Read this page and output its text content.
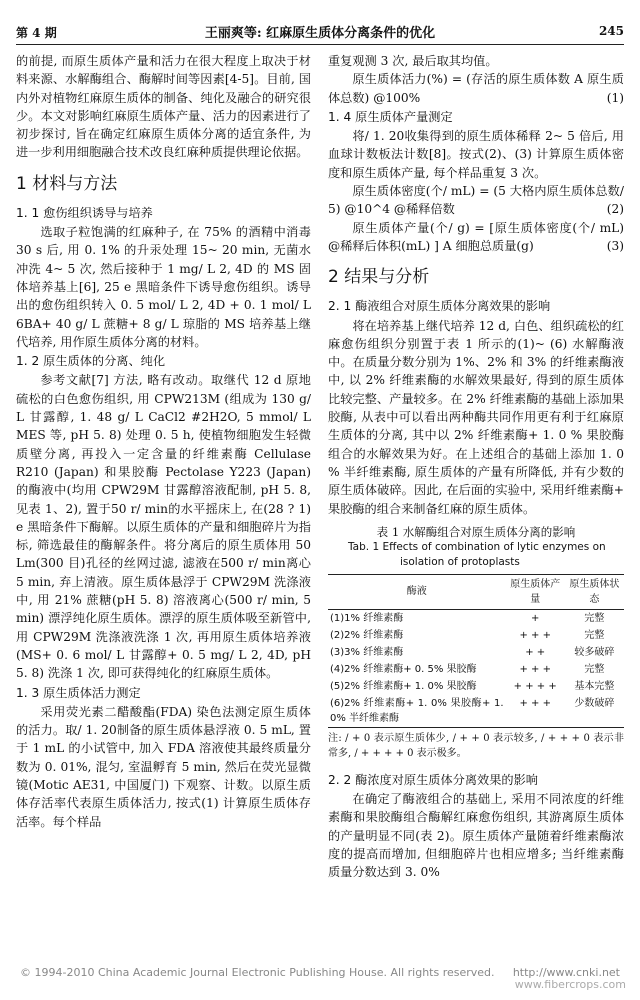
第 4 期	王丽爽等: 红麻原生质体分离条件的优化	245

的前提, 而原生质体产量和活力在很大程度上取决于材料来源、水解酶组合、酶解时间等因素[4-5]。目前, 国内外对植物红麻原生质体的制备、纯化及融合的研究很少。本文对影响红麻原生质体产量、活力的因素进行了初步探讨, 旨在确定红麻原生质体分离的适宜条件, 为进一步利用细胞融合技术改良红麻种质提供理论依据。

1 材料与方法

1. 1 愈伤组织诱导与培养

选取子粒饱满的红麻种子, 在 75% 的酒精中消毒 30 s 后, 用 0. 1% 的升汞处理 15~ 20 min, 无菌水冲洗 4~ 5 次, 然后接种于 1 mg/ L 2, 4D 的 MS 固体培养基上[6], 25 e 黑暗条件下诱导愈伤组织。诱导出的愈伤组织转入 0. 5 mol/ L 2, 4D + 0. 1 mol/ L 6BA+ 40 g/ L 蔗糖+ 8 g/ L 琼脂的 MS 培养基上继代培养, 用作原生质体分离的材料。

1. 2 原生质体的分离、纯化

参考文献[7] 方法, 略有改动。取继代 12 d 原地硫松的白色愈伤组织, 用 CPW213M (组成为 130 g/ L 甘露醇, 1. 48 g/ L CaCl2 #2H2O, 5 mmol/ L MES 等, pH 5. 8) 处理 0. 5 h, 使植物细胞发生轻微质壁分离, 再投入一定含量的纤维素酶 Cellulase R210 (Japan) 和果胶酶 Pectolase Y223 (Japan) 的酶液中(均用 CPW29M 甘露醇溶液配制, pH 5. 8, 见表 1、2), 置于50 r/ min的水平摇床上, 在(28 ? 1) e 黑暗条件下酶解。以原生质体的产量和细胞碎片为指标, 筛选最佳的酶解条件。将分离后的原生质体用 50 Lm(300 目)孔径的丝网过滤, 滤液在500 r/ min离心 5 min, 弃上清液。原生质体悬浮于 CPW29M 洗涤液中, 用 21% 蔗糖(pH 5. 8) 溶液离心(500 r/ min, 5 min) 漂浮纯化原生质体。漂浮的原生质体吸至新管中, 用 CPW29M 洗涤液洗涤 1 次, 再用原生质体培养液(MS+ 0. 6 mol/ L 甘露醇+ 0. 5 mg/ L 2, 4D, pH 5. 8) 洗涤 1 次, 即可获得纯化的红麻原生质体。

1. 3 原生质体活力测定

采用荧光素二醋酸酯(FDA) 染色法测定原生质体的活力。取/ 1. 20制备的原生质体悬浮液 0. 5 mL, 置于 1 mL 的小试管中, 加入 FDA 溶液使其最终质量分数为 0. 01%, 混匀, 室温孵育 5 min, 然后在荧光显微镜(Motic AE31, 中国厦门) 下观察、计数。以原生质体存活率代表原生质体活力, 按式(1) 计算原生质体存活率。每个样品

重复观测 3 次, 最后取其均值。

原生质体活力(%) = (存活的原生质体数 A 原生质体总数) @100%	(1)

1. 4 原生质体产量测定

将/ 1. 20收集得到的原生质体稀释 2~ 5 倍后, 用血球计数板法计数[8]。按式(2)、(3) 计算原生质体密度和原生质体产量, 每个样品重复 3 次。

原生质体密度(个/ mL) = (5 大格内原生质体总数/ 5) @10^4 @稀释倍数	(2)

原生质体产量(个/ g) = [原生质体密度(个/ mL) @稀释后体积(mL) ] A 细胞总质量(g)	(3)

2 结果与分析

2. 1 酶液组合对原生质体分离效果的影响

将在培养基上继代培养 12 d, 白色、组织疏松的红麻愈伤组织分别置于表 1 所示的(1)~ (6) 水解酶液中。在质量分数分别为 1%、2% 和 3% 的纤维素酶液中, 以 2% 纤维素酶的水解效果最好, 得到的原生质体比较完整、产量较多。在 2% 纤维素酶的基础上添加果胶酶, 从表中可以看出两种酶共同作用更有利于红麻原生质体的分离, 其中以 2% 纤维素酶+ 1. 0 % 果胶酶组合的水解效果为好。在上述组合的基础上添加 1. 0 % 半纤维素酶, 原生质体的产量有所降低, 并有少数的原生质体破碎。因此, 在后面的实验中, 采用纤维素酶+ 果胶酶的组合来制备红麻的原生质体。

表 1 水解酶组合对原生质体分离的影响
Tab. 1 Effects of combination of lytic enzymes on
isolation of protoplasts
酶液	原生质体产量	原生质体状态
(1)1% 纤维素酶	+	完整
(2)2% 纤维素酶	+ + +	完整
(3)3% 纤维素酶	+ +	较多破碎
(4)2% 纤维素酶+ 0. 5% 果胶酶	+ + +	完整
(5)2% 纤维素酶+ 1. 0% 果胶酶	+ + + +	基本完整
(6)2% 纤维素酶+ 1. 0% 果胶酶+ 1. 0% 半纤维素酶	+ + +	少数破碎
注: / + 0 表示原生质体少, / + + 0 表示较多, / + + + 0 表示非常多, / + + + + 0 表示极多。

2. 2 酶浓度对原生质体分离效果的影响

在确定了酶液组合的基础上, 采用不同浓度的纤维素酶和果胶酶组合酶解红麻愈伤组织, 其游离原生质体的产量明显不同(表 2)。原生质体产量随着纤维素酶浓度的提高而增加, 但细胞碎片也相应增多; 当纤维素酶质量分数达到 3. 0%

© 1994-2010 China Academic Journal Electronic Publishing House. All rights reserved. http://www.cnki.net
www.fibercrops.com
